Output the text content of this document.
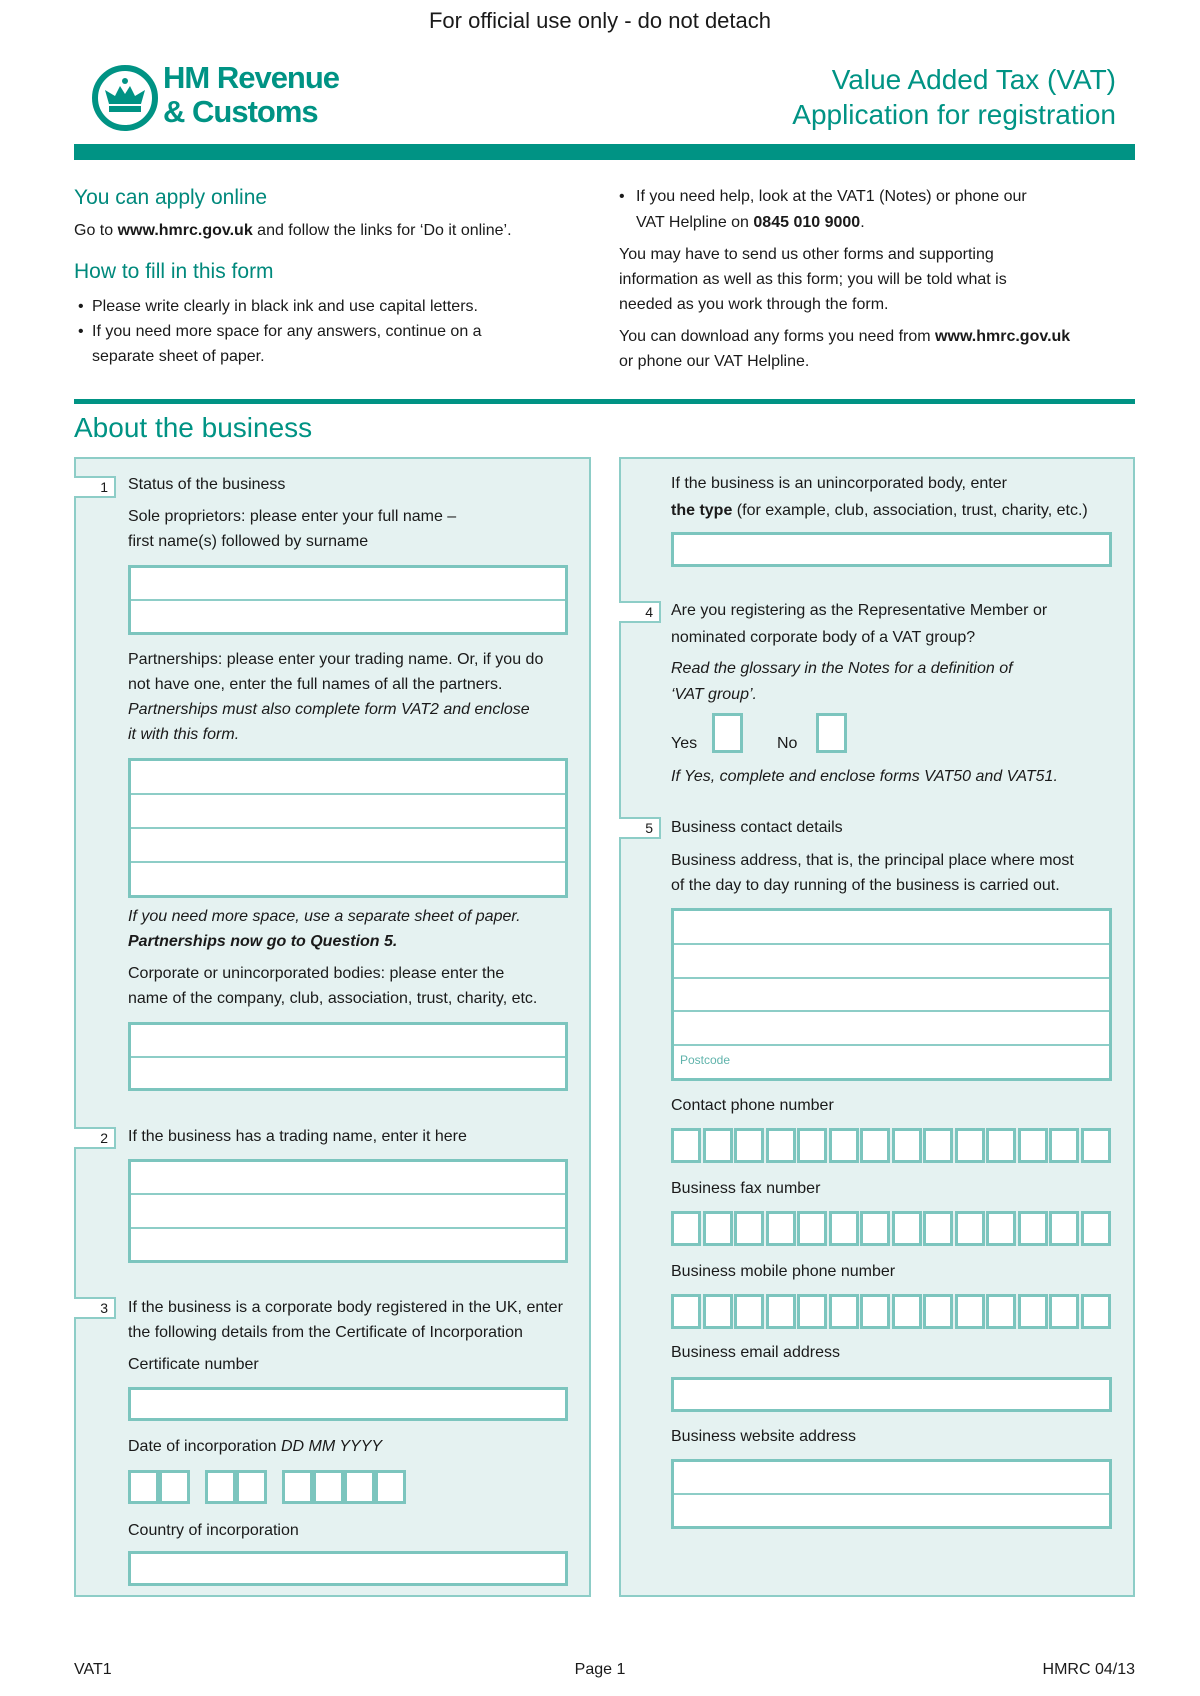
For official use only - do not detach
HM Revenue
& Customs
Value Added Tax (VAT)
Application for registration
You can apply online
Go to www.hmrc.gov.uk and follow the links for ‘Do it online’.
How to fill in this form
• Please write clearly in black ink and use capital letters.
• If you need more space for any answers, continue on a
separate sheet of paper.
• If you need help, look at the VAT1 (Notes) or phone our
VAT Helpline on 0845 010 9000.
You may have to send us other forms and supporting
information as well as this form; you will be told what is
needed as you work through the form.
You can download any forms you need from www.hmrc.gov.uk
or phone our VAT Helpline.
About the business
1	Status of the business
Sole proprietors: please enter your full name –
first name(s) followed by surname
Partnerships: please enter your trading name. Or, if you do
not have one, enter the full names of all the partners.
Partnerships must also complete form VAT2 and enclose
it with this form.
If you need more space, use a separate sheet of paper.
Partnerships now go to Question 5.
Corporate or unincorporated bodies: please enter the
name of the company, club, association, trust, charity, etc.
2	If the business has a trading name, enter it here
3	If the business is a corporate body registered in the UK, enter
the following details from the Certificate of Incorporation
Certificate number
Date of incorporation DD MM YYYY
Country of incorporation
If the business is an unincorporated body, enter
the type (for example, club, association, trust, charity, etc.)
4	Are you registering as the Representative Member or
nominated corporate body of a VAT group?
Read the glossary in the Notes for a definition of
‘VAT group’.
Yes	No
If Yes, complete and enclose forms VAT50 and VAT51.
5	Business contact details
Business address, that is, the principal place where most
of the day to day running of the business is carried out.
Postcode
Contact phone number
Business fax number
Business mobile phone number
Business email address
Business website address
VAT1	Page 1	HMRC 04/13
